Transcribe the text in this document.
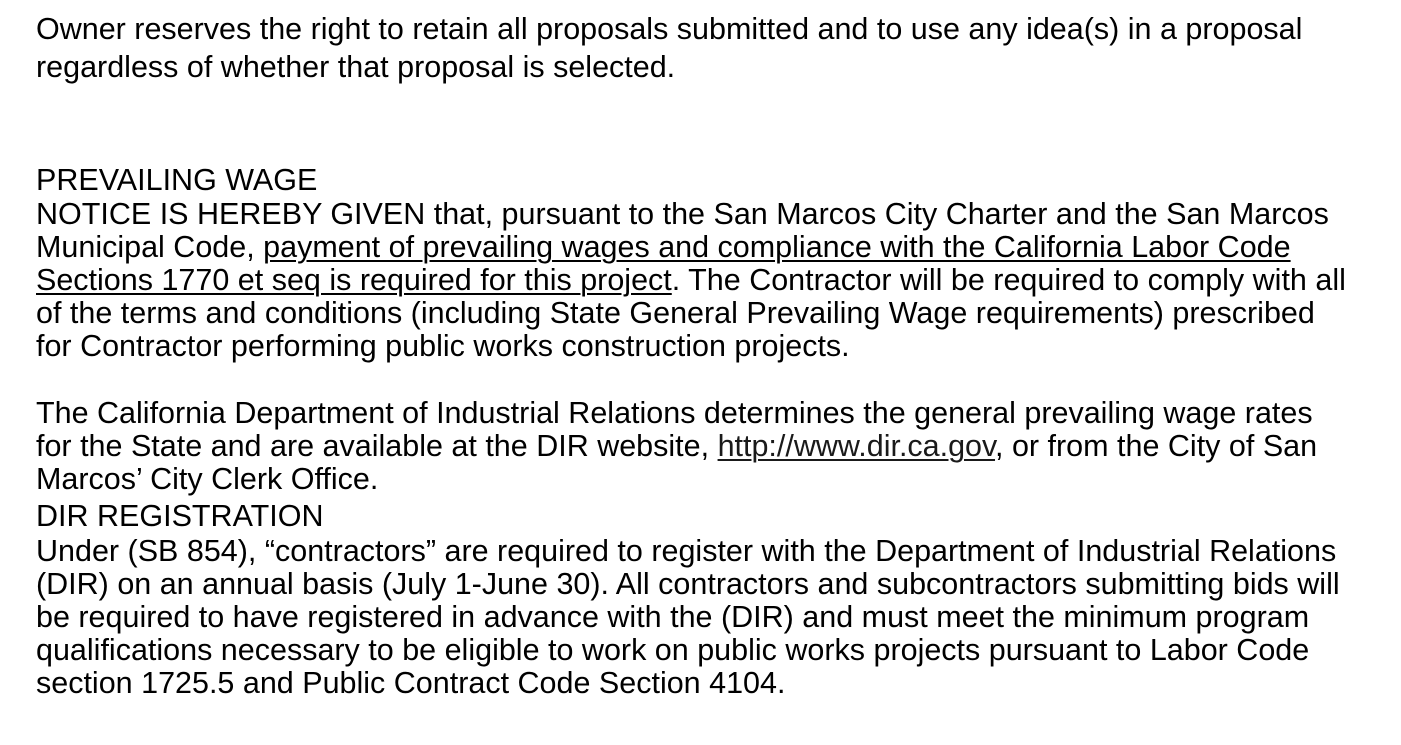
Owner reserves the right to retain all proposals submitted and to use any idea(s) in a proposal regardless of whether that proposal is selected.

PREVAILING WAGE

NOTICE IS HEREBY GIVEN that, pursuant to the San Marcos City Charter and the San Marcos Municipal Code, payment of prevailing wages and compliance with the California Labor Code Sections 1770 et seq is required for this project. The Contractor will be required to comply with all of the terms and conditions (including State General Prevailing Wage requirements) prescribed for Contractor performing public works construction projects.

The California Department of Industrial Relations determines the general prevailing wage rates for the State and are available at the DIR website, http://www.dir.ca.gov, or from the City of San Marcos’ City Clerk Office.

DIR REGISTRATION

Under (SB 854), “contractors” are required to register with the Department of Industrial Relations (DIR) on an annual basis (July 1-June 30). All contractors and subcontractors submitting bids will be required to have registered in advance with the (DIR) and must meet the minimum program qualifications necessary to be eligible to work on public works projects pursuant to Labor Code section 1725.5 and Public Contract Code Section 4104.
